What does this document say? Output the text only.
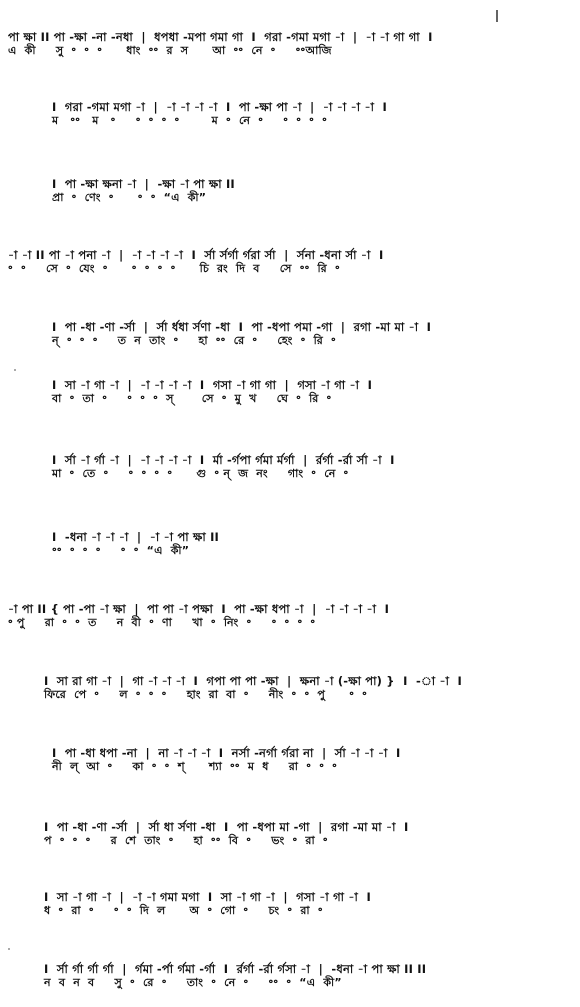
পা ক্ষা II পা -ক্ষা -না -নধা  |  ধপধা -মপা গমা গা  I  গরা -গমা মগা -া  |  -া -া গা গা  I
এ  কী     সু  ॰  ॰  ॰      ধাং  ॰॰  র  স      আ  ॰॰  নে  ॰     ॰॰আজি
I  গরা -গমা মগা -া  |  -া -া -া -া  I  পা -ক্ষা পা -া  |  -া -া -া -া  I
ম   ॰॰   ম   ॰     ॰  ॰  ॰  ॰        ম  ॰  নে  ॰     ॰  ॰  ॰  ॰
I  পা -ক্ষা ক্ষনা -া  |  -ক্ষা -া পা ক্ষা II
প্রা  ॰  ণেং  ॰      ॰  ॰  “এ  কী”
-া -া II পা -া পনা -া  |  -া -া -া -া  I  র্সা র্সর্গা র্গরা র্সা  |  র্সনা -ধনা র্সা -া  I
॰  ॰     সে  ॰  যেং  ॰      ॰  ॰  ॰  ॰      চি  রং  দি  ব     সে  ॰॰  রি  ॰
I  পা -ধা -ণা -র্সা  |  র্সা র্ধধা র্সণা -ধা  I  পা -ধপা পমা -গা  |  রগা -মা মা -া  I
ন্  ॰  ॰  ॰     ত  ন  তাং  ॰     হা  ॰॰  রে  ॰     হেং  ॰  রি  ॰
I  সা -া গা -া  |  -া -া -া -া  I  গসা -া গা গা  |  গসা -া গা -া  I
বা  ॰  তা  ॰     ॰  ॰  ॰  স্       সে  ॰  মু  খ     ঘে  ॰  রি  ॰
I  র্সা -া র্গা -া  |  -া -া -া -া  I  র্মা -র্গপা র্গমা র্মর্গা  |  র্রর্গা -র্রা র্সা -া  I
মা  ॰  তে  ॰     ॰  ॰  ॰  ॰      গু  ॰ ন্  জ  নং     গাং  ॰  নে  ॰
I  -ধনা -া -া -া  |  -া -া পা ক্ষা II
॰॰  ॰  ॰  ॰     ॰  ॰  “এ  কী”
-া পা II { পা -পা -া ক্ষা  |  পা পা -া পক্ষা  I  পা -ক্ষা ধপা -া  |  -া -া -া -া  I
॰ পু     রা  ॰  ॰  ত     ন  বী  ॰  ণা     খা  ॰  নিং  ॰     ॰  ॰  ॰  ॰
I  সা রা গা -া  |  গা -া -া -া  I  গপা পা পা -ক্ষা  |  ক্ষনা -া (-ক্ষা পা) }  I  -া -া  I
ফিরে  পে  ॰     ল  ॰  ॰  ॰     হাং  রা  বা  ॰     নীং  ॰  ॰  পু      ॰  ॰
I  পা -ধা ধপা -না  |  না -া -া -া  I  নর্সা -নর্গা র্গরা না  |  র্সা -া -া -া  I
নী  ল্  আ  ॰     কা  ॰  ॰  শ্      শ্যা  ॰॰  ম  ধ     রা  ॰  ॰  ॰
I  পা -ধা -ণা -র্সা  |  র্সা ধা র্সণা -ধা  I  পা -ধপা মা -গা  |  রগা -মা মা -া  I
প  ॰  ॰  ॰     র  শে  তাং  ॰     হা  ॰॰  বি  ॰     ভং  ॰  রা  ॰
I  সা -া গা -া  |  -া -া গমা মগা  I  সা -া গা -া  |  গসা -া গা -া  I
ধ  ॰  রা  ॰     ॰  ॰  দি  ল      অ  ॰  গো  ॰     চং  ॰  রা  ॰
I  র্সা র্গা র্গা র্গা  |  র্গমা -র্পা র্গমা -র্গা  I  র্রর্গা -র্রা র্গসা -া  |  -ধনা -া পা ক্ষা II II
ন  ব  ন  ব     সু  ॰  রে  ॰     তাং  ॰  নে  ॰     ॰॰  ॰  “এ  কী”
